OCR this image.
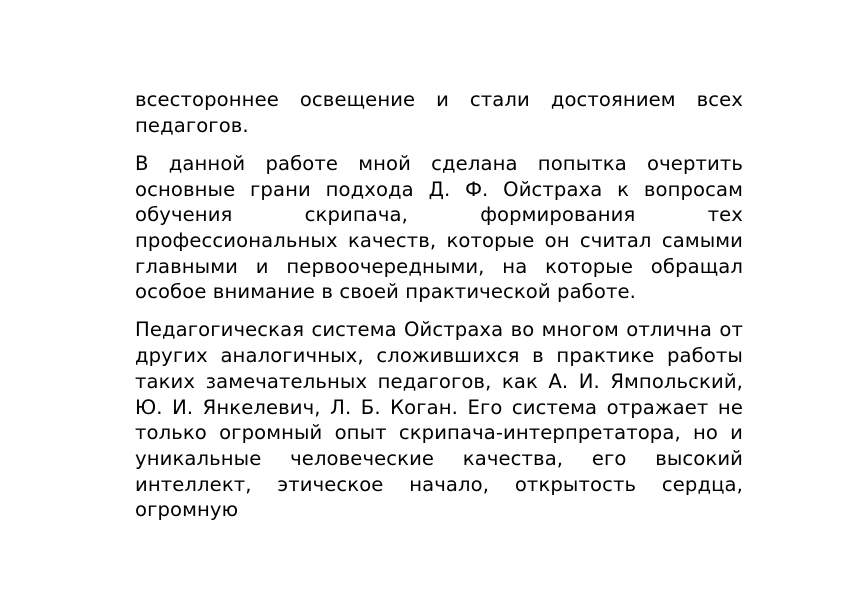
всестороннее освещение и стали достоянием всех педагогов.

В данной работе мной сделана попытка очертить основные грани подхода Д. Ф. Ойстраха к вопросам обучения скрипача, формирования тех профессиональных качеств, которые он считал самыми главными и первоочередными, на которые обращал особое внимание в своей практической работе.

Педагогическая система Ойстраха во многом отлична от других аналогичных, сложившихся в практике работы таких замечательных педагогов, как А. И. Ямпольский, Ю. И. Янкелевич, Л. Б. Коган. Его система отражает не только огромный опыт скрипача-интерпретатора, но и уникальные человеческие качества, его высокий интеллект, этическое начало, открытость сердца, огромную
